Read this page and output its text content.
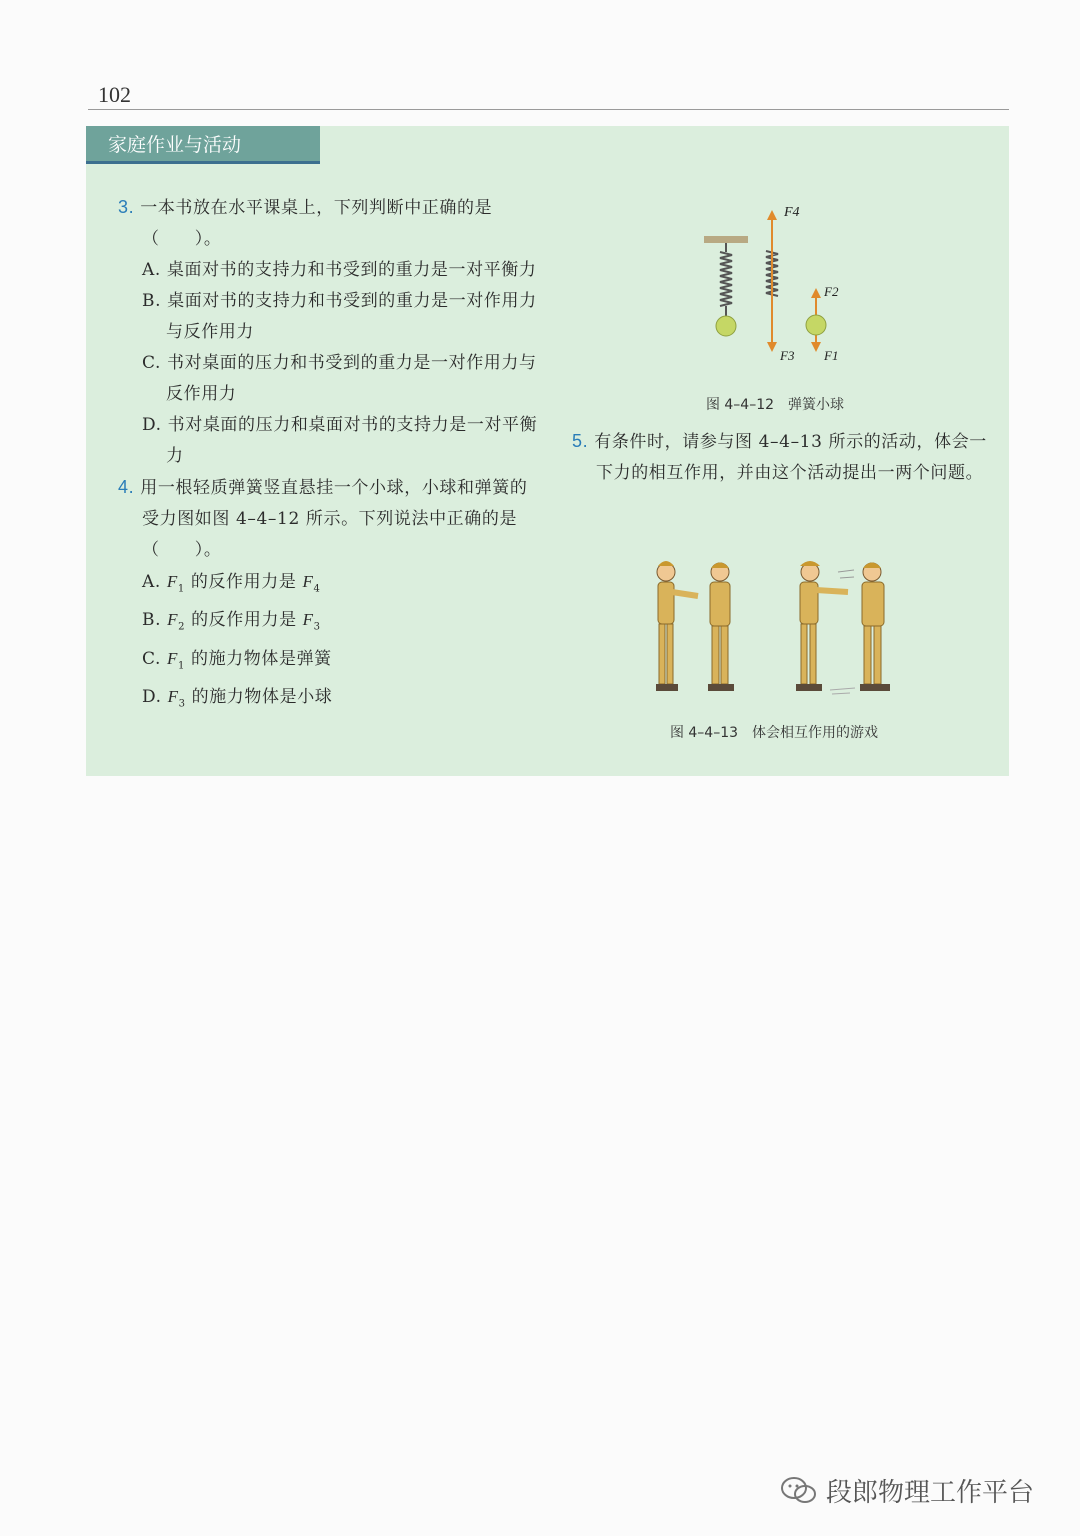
102
家庭作业与活动
3. 一本书放在水平课桌上，下列判断中正确的是（　　）。
A. 桌面对书的支持力和书受到的重力是一对平衡力
B. 桌面对书的支持力和书受到的重力是一对作用力与反作用力
C. 书对桌面的压力和书受到的重力是一对作用力与反作用力
D. 书对桌面的压力和桌面对书的支持力是一对平衡力
4. 用一根轻质弹簧竖直悬挂一个小球，小球和弹簧的受力图如图 4–4–12 所示。下列说法中正确的是（　　）。
A. $F_1$ 的反作用力是 $F_4$
B. $F_2$ 的反作用力是 $F_3$
C. $F_1$ 的施力物体是弹簧
D. $F_3$ 的施力物体是小球
F4
F3
F2
F1
图 4–4–12　弹簧小球
5. 有条件时，请参与图 4–4–13 所示的活动，体会一下力的相互作用，并由这个活动提出一两个问题。
图 4–4–13　体会相互作用的游戏
段郎物理工作平台
